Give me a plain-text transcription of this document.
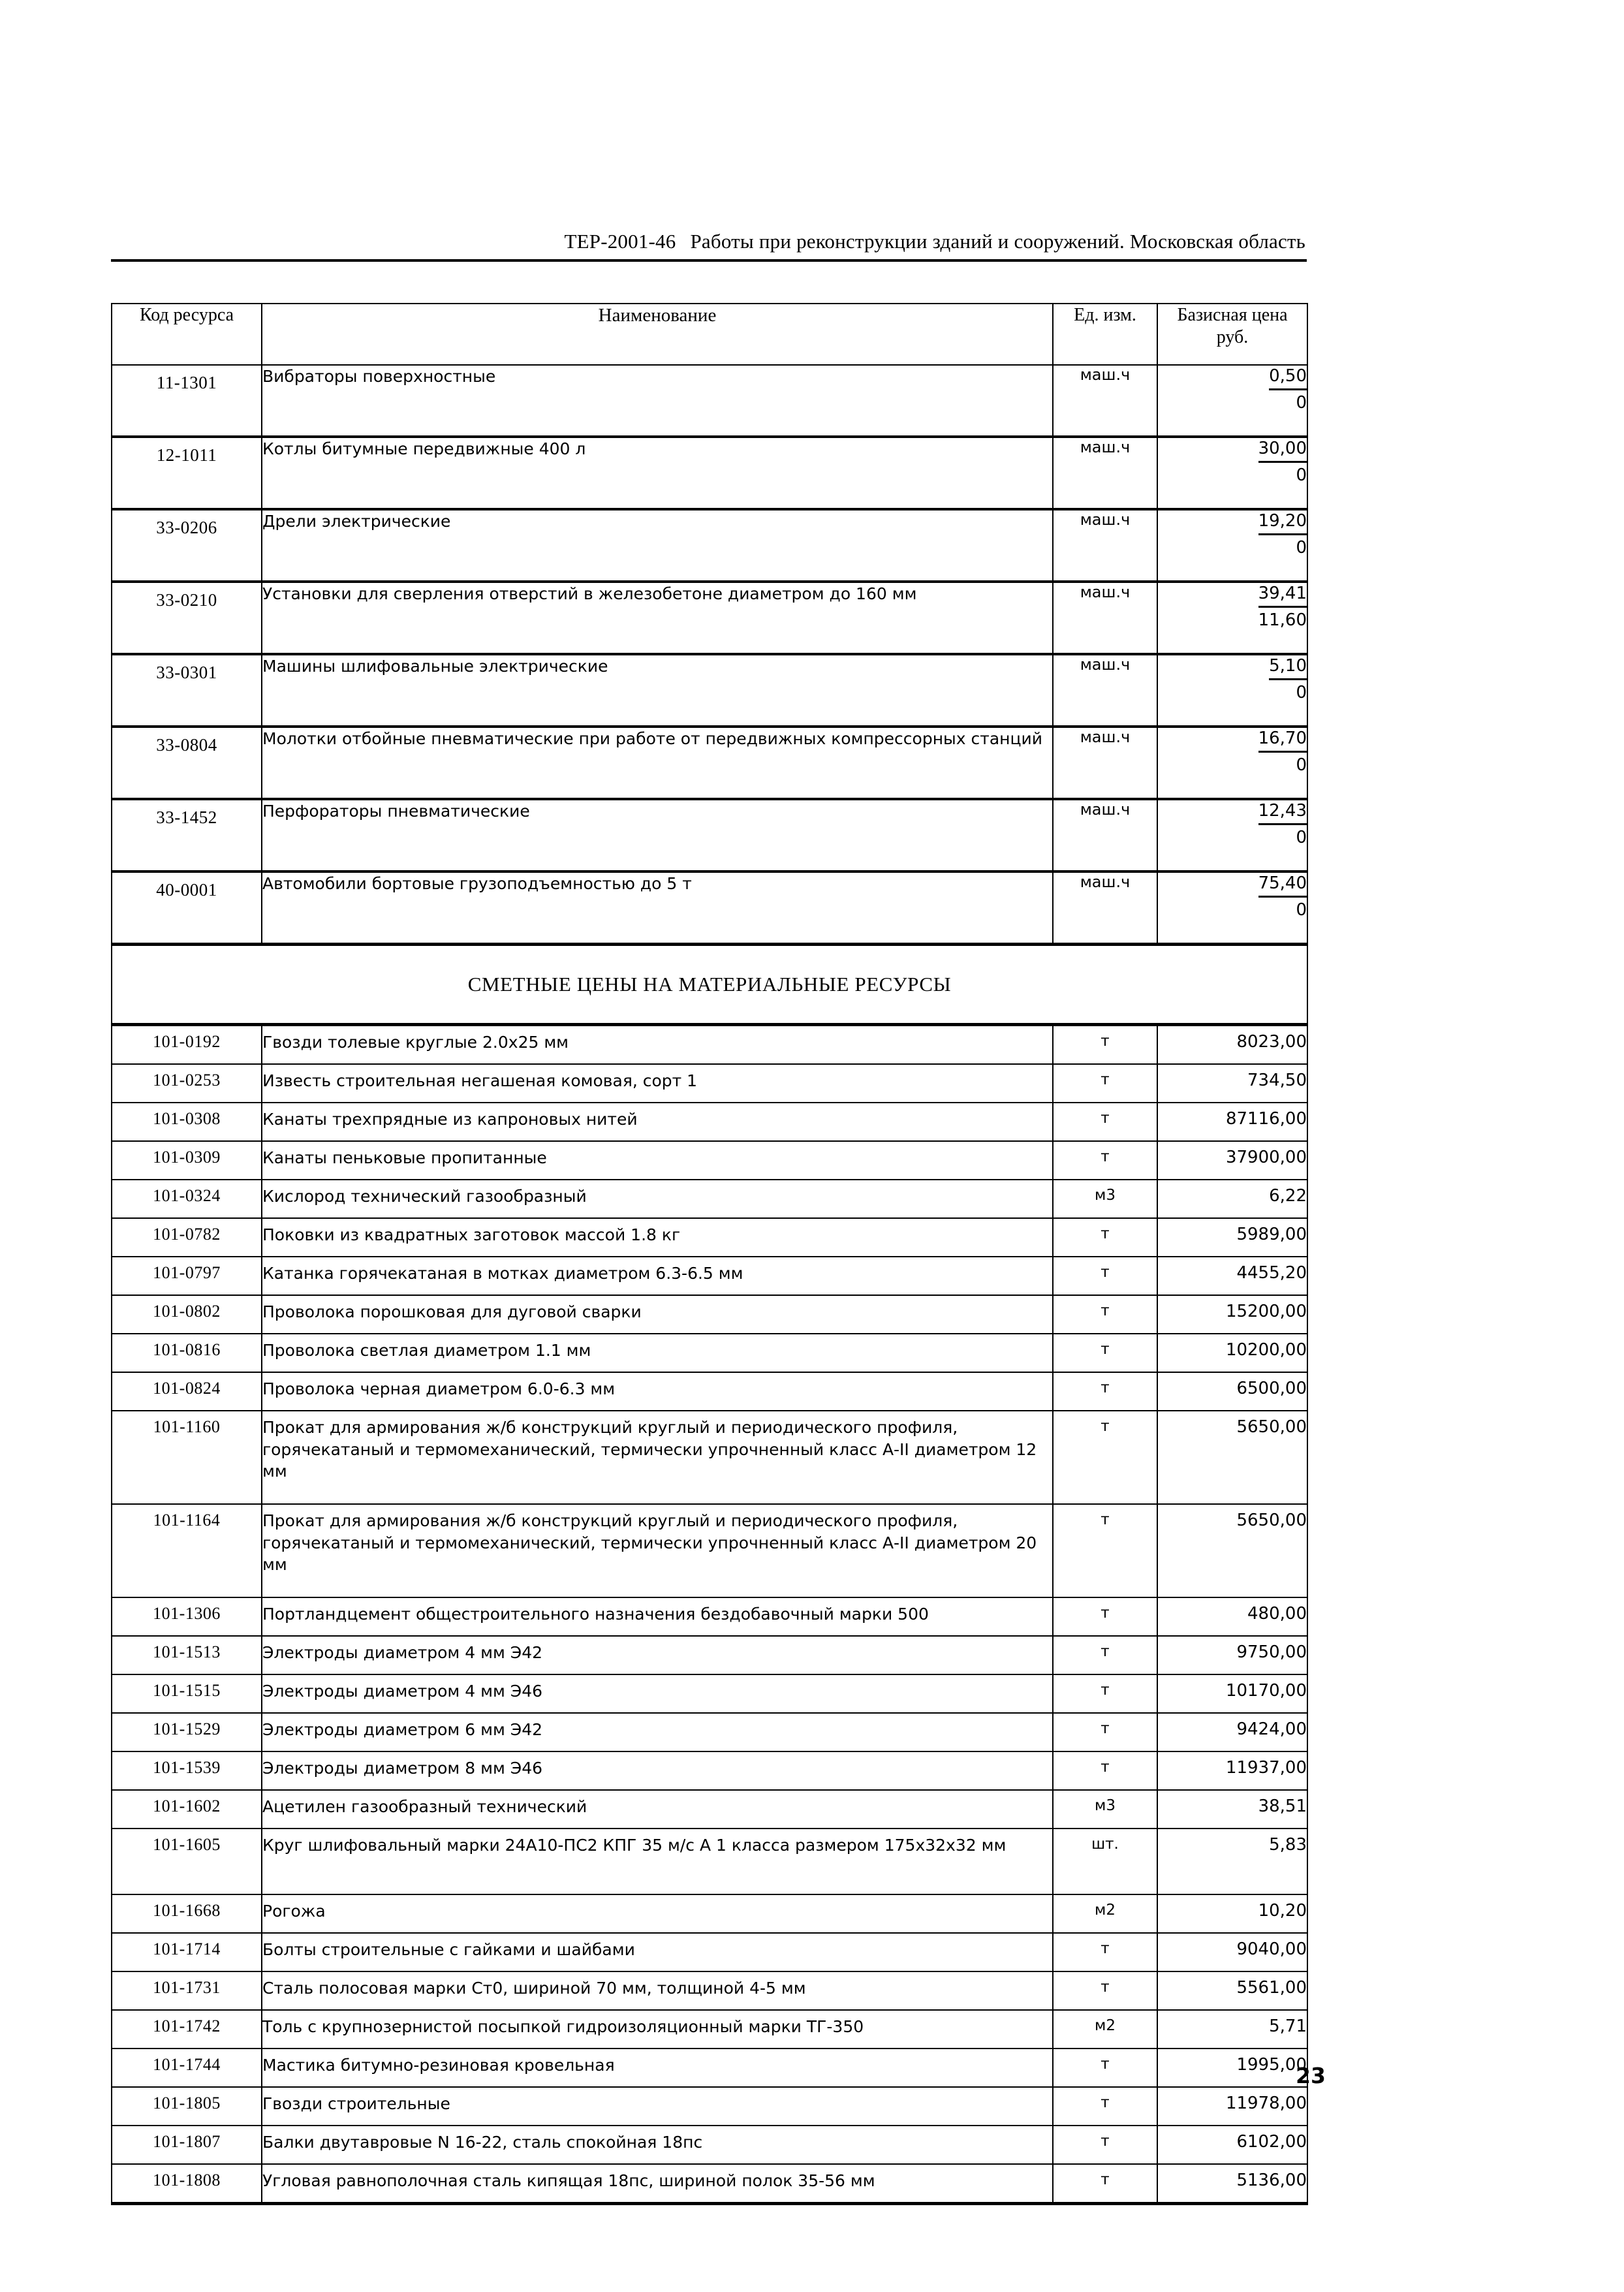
ТЕР-2001-46 Работы при реконструкции зданий и сооружений. Московская область
Код ресурса	Наименование	Ед. изм.	Базисная цена
руб.

11-1301	Вибраторы поверхностные	маш.ч	0,50
0

12-1011	Котлы битумные передвижные 400 л	маш.ч	30,00
0

33-0206	Дрели электрические	маш.ч	19,20
0

33-0210	Установки для сверления отверстий в железобетоне диаметром до 160 мм	маш.ч	39,41
11,60

33-0301	Машины шлифовальные электрические	маш.ч	5,10
0

33-0804	Молотки отбойные пневматические при работе от передвижных компрессорных станций	маш.ч	16,70
0

33-1452	Перфораторы пневматические	маш.ч	12,43
0

40-0001	Автомобили бортовые грузоподъемностью до 5 т	маш.ч	75,40
0

СМЕТНЫЕ ЦЕНЫ НА МАТЕРИАЛЬНЫЕ РЕСУРСЫ			
101-0192	Гвозди толевые круглые 2.0х25 мм	т	8023,00
101-0253	Известь строительная негашеная комовая, сорт 1	т	734,50
101-0308	Канаты трехпрядные из капроновых нитей	т	87116,00
101-0309	Канаты пеньковые пропитанные	т	37900,00
101-0324	Кислород технический газообразный	м3	6,22
101-0782	Поковки из квадратных заготовок массой 1.8 кг	т	5989,00
101-0797	Катанка горячекатаная в мотках диаметром 6.3-6.5 мм	т	4455,20
101-0802	Проволока порошковая для дуговой сварки	т	15200,00
101-0816	Проволока светлая диаметром 1.1 мм	т	10200,00
101-0824	Проволока черная диаметром 6.0-6.3 мм	т	6500,00
101-1160	Прокат для армирования ж/б конструкций круглый и периодического профиля, горячекатаный и термомеханический, термически упрочненный класс А-II диаметром 12 мм	т	5650,00
101-1164	Прокат для армирования ж/б конструкций круглый и периодического профиля, горячекатаный и термомеханический, термически упрочненный класс А-II диаметром 20 мм	т	5650,00
101-1306	Портландцемент общестроительного назначения бездобавочный марки 500	т	480,00
101-1513	Электроды диаметром 4 мм Э42	т	9750,00
101-1515	Электроды диаметром 4 мм Э46	т	10170,00
101-1529	Электроды диаметром 6 мм Э42	т	9424,00
101-1539	Электроды диаметром 8 мм Э46	т	11937,00
101-1602	Ацетилен газообразный технический	м3	38,51
101-1605	Круг шлифовальный марки 24А10-ПС2 КПГ 35 м/с А 1 класса размером 175х32х32 мм	шт.	5,83
101-1668	Рогожа	м2	10,20
101-1714	Болты строительные с гайками и шайбами	т	9040,00
101-1731	Сталь полосовая марки Ст0, шириной 70 мм, толщиной 4-5 мм	т	5561,00
101-1742	Толь с крупнозернистой посыпкой гидроизоляционный марки ТГ-350	м2	5,71
101-1744	Мастика битумно-резиновая кровельная	т	1995,00
101-1805	Гвозди строительные	т	11978,00
101-1807	Балки двутавровые N 16-22, сталь спокойная 18пс	т	6102,00
101-1808	Угловая равнополочная сталь кипящая 18пс, шириной полок 35-56 мм	т	5136,00
23
